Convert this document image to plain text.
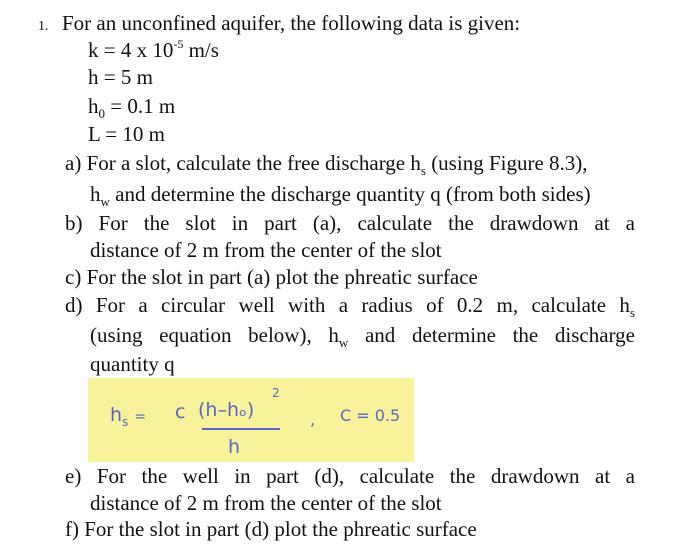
1. For an unconfined aquifer, the following data is given:
k = 4 x $10^{-5}$ m/s
h = 5 m
$h_0 = 0.1$ m
L = 10 m
a) For a slot, calculate the free discharge $h_s$ (using Figure 8.3),
$h_w$ and determine the discharge quantity q (from both sides)
b) For the slot in part (a), calculate the drawdown at a
distance of 2 m from the center of the slot
c) For the slot in part (a) plot the phreatic surface
d) For a circular well with a radius of 0.2 m, calculate $h_s$
(using equation below), $h_w$ and determine the discharge
quantity q
$h_s = c$ (h–hₒ)
2
h
, C = 0.5
e) For the well in part (d), calculate the drawdown at a
distance of 2 m from the center of the slot
f) For the slot in part (d) plot the phreatic surface
